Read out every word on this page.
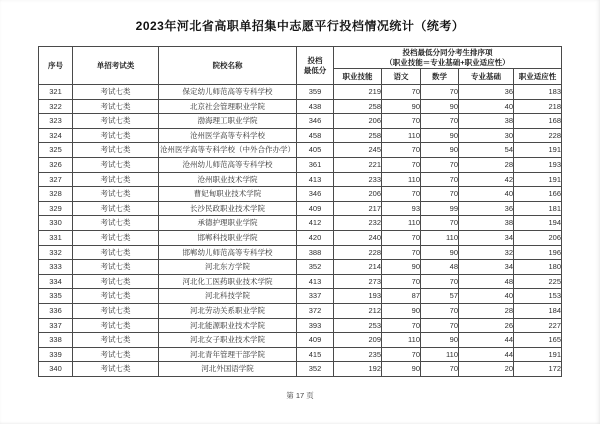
2023年河北省高职单招集中志愿平行投档情况统计（统考）
序号	单招考试类	院校名称	
投档
最低分

投档最低分同分考生排序项
（职业技能＝专业基础+职业适应性）

				职业技能	语文	数学	专业基础	职业适应性
321	考试七类	保定幼儿师范高等专科学校	359	219	70	70	36	183
322	考试七类	北京社会管理职业学院	438	258	90	90	40	218
323	考试七类	渤海理工职业学院	346	206	70	70	38	168
324	考试七类	沧州医学高等专科学校	458	258	110	90	30	228
325	考试七类	沧州医学高等专科学校（中外合作办学）	405	245	70	90	54	191
326	考试七类	沧州幼儿师范高等专科学校	361	221	70	70	28	193
327	考试七类	沧州职业技术学院	413	233	110	70	42	191
328	考试七类	曹妃甸职业技术学院	346	206	70	70	40	166
329	考试七类	长沙民政职业技术学院	409	217	93	99	36	181
330	考试七类	承德护理职业学院	412	232	110	70	38	194
331	考试七类	邯郸科技职业学院	420	240	70	110	34	206
332	考试七类	邯郸幼儿师范高等专科学校	388	228	70	90	32	196
333	考试七类	河北东方学院	352	214	90	48	34	180
334	考试七类	河北化工医药职业技术学院	413	273	70	70	48	225
335	考试七类	河北科技学院	337	193	87	57	40	153
336	考试七类	河北劳动关系职业学院	372	212	90	70	28	184
337	考试七类	河北能源职业技术学院	393	253	70	70	26	227
338	考试七类	河北女子职业技术学院	409	209	110	90	44	165
339	考试七类	河北青年管理干部学院	415	235	70	110	44	191
340	考试七类	河北外国语学院	352	192	90	70	20	172
第 17 页
